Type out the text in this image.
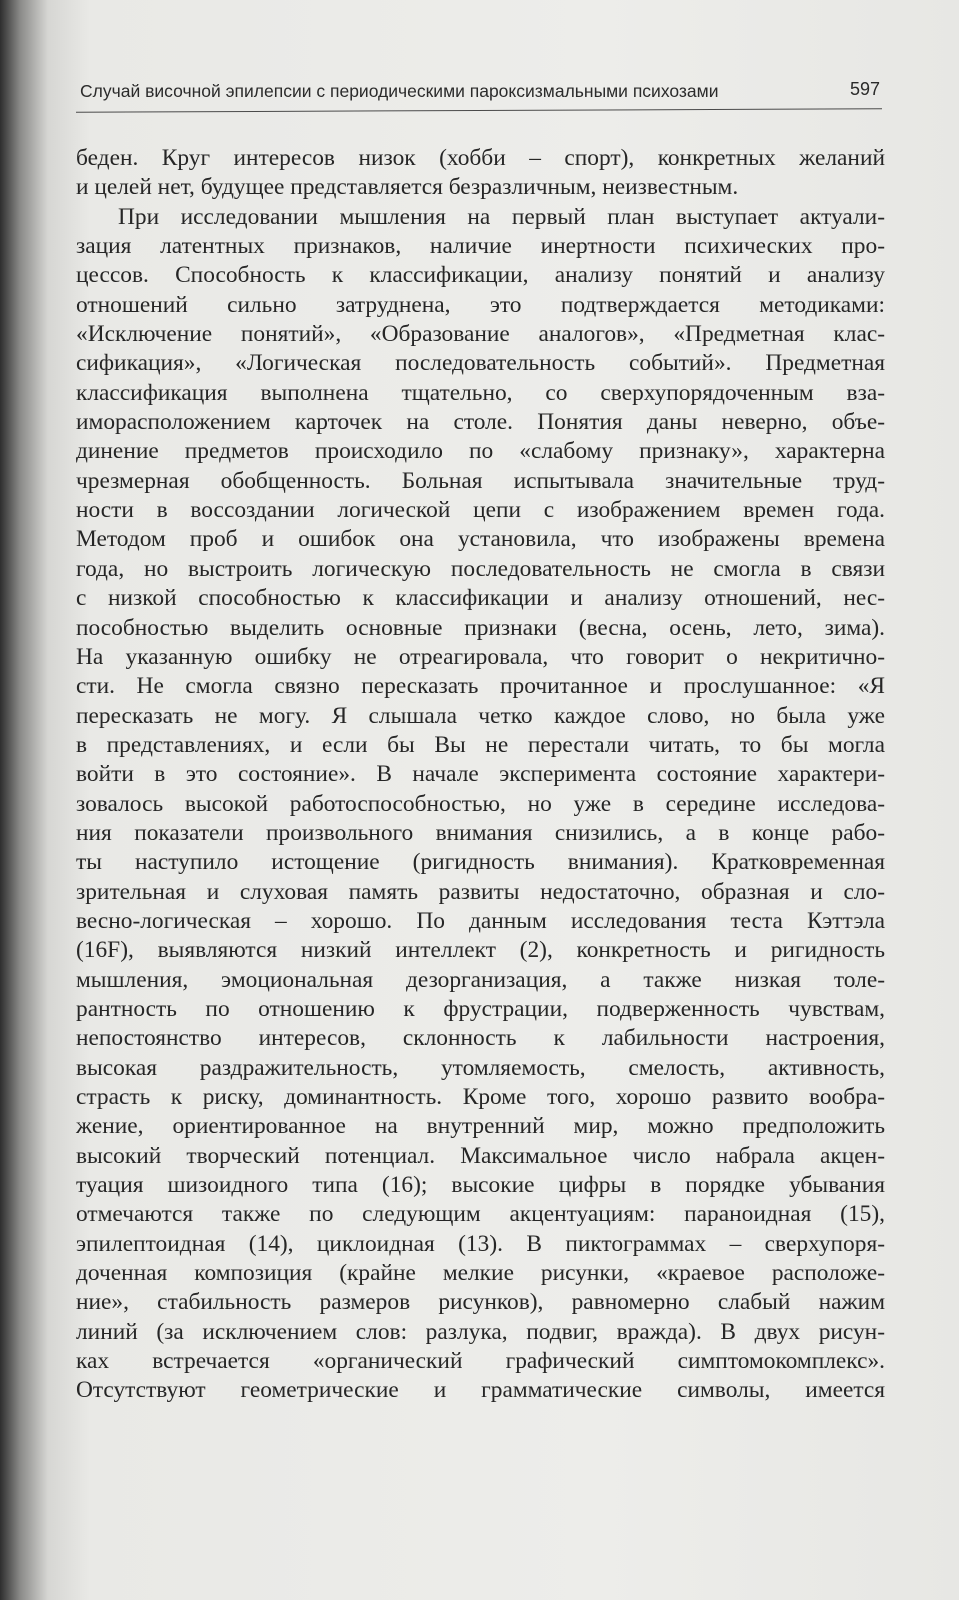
Случай височной эпилепсии с периодическими пароксизмальными психозами	597
беден. Круг интересов низок (хобби – спорт), конкретных желаний
и целей нет, будущее представляется безразличным, неизвестным.
При исследовании мышления на первый план выступает актуали-
зация латентных признаков, наличие инертности психических про-
цессов. Способность к классификации, анализу понятий и анализу
отношений сильно затруднена, это подтверждается методиками:
«Исключение понятий», «Образование аналогов», «Предметная клас-
сификация», «Логическая последовательность событий». Предметная
классификация выполнена тщательно, со сверхупорядоченным вза-
иморасположением карточек на столе. Понятия даны неверно, объе-
динение предметов происходило по «слабому признаку», характерна
чрезмерная обобщенность. Больная испытывала значительные труд-
ности в воссоздании логической цепи с изображением времен года.
Методом проб и ошибок она установила, что изображены времена
года, но выстроить логическую последовательность не смогла в связи
с низкой способностью к классификации и анализу отношений, нес-
пособностью выделить основные признаки (весна, осень, лето, зима).
На указанную ошибку не отреагировала, что говорит о некритично-
сти. Не смогла связно пересказать прочитанное и прослушанное: «Я
пересказать не могу. Я слышала четко каждое слово, но была уже
в представлениях, и если бы Вы не перестали читать, то бы могла
войти в это состояние». В начале эксперимента состояние характери-
зовалось высокой работоспособностью, но уже в середине исследова-
ния показатели произвольного внимания снизились, а в конце рабо-
ты наступило истощение (ригидность внимания). Кратковременная
зрительная и слуховая память развиты недостаточно, образная и сло-
весно-логическая – хорошо. По данным исследования теста Кэттэла
(16F), выявляются низкий интеллект (2), конкретность и ригидность
мышления, эмоциональная дезорганизация, а также низкая толе-
рантность по отношению к фрустрации, подверженность чувствам,
непостоянство интересов, склонность к лабильности настроения,
высокая раздражительность, утомляемость, смелость, активность,
страсть к риску, доминантность. Кроме того, хорошо развито вообра-
жение, ориентированное на внутренний мир, можно предположить
высокий творческий потенциал. Максимальное число набрала акцен-
туация шизоидного типа (16); высокие цифры в порядке убывания
отмечаются также по следующим акцентуациям: параноидная (15),
эпилептоидная (14), циклоидная (13). В пиктограммах – сверхупоря-
доченная композиция (крайне мелкие рисунки, «краевое расположе-
ние», стабильность размеров рисунков), равномерно слабый нажим
линий (за исключением слов: разлука, подвиг, вражда). В двух рисун-
ках встречается «органический графический симптомокомплекс».
Отсутствуют геометрические и грамматические символы, имеется
